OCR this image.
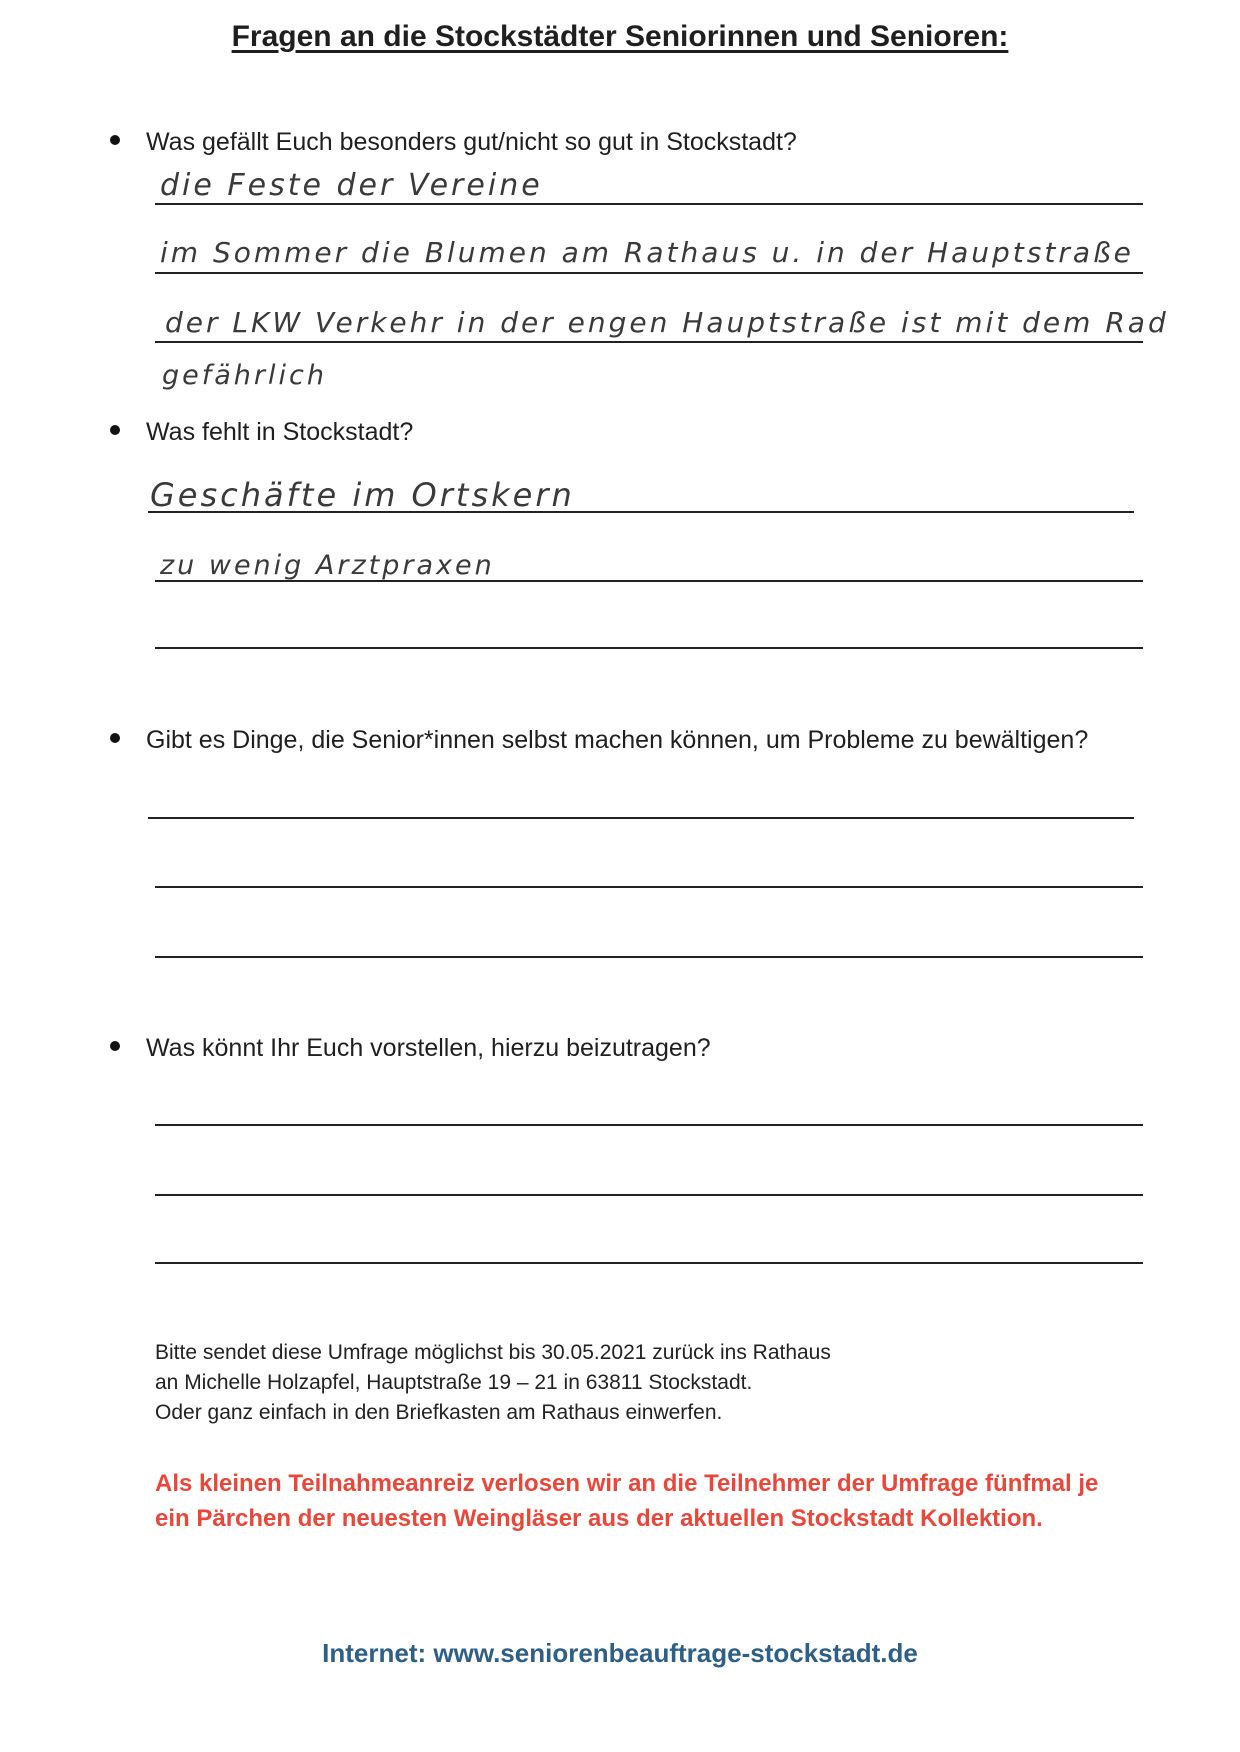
Fragen an die Stockstädter Seniorinnen und Senioren:
Was gefällt Euch besonders gut/nicht so gut in Stockstadt?
die Feste der Vereine
im Sommer die Blumen am Rathaus u. in der Hauptstraße
der LKW Verkehr in der engen Hauptstraße ist mit dem Rad
gefährlich
Was fehlt in Stockstadt?
Geschäfte im Ortskern
zu wenig Arztpraxen
Gibt es Dinge, die Senior*innen selbst machen können, um Probleme zu bewältigen?
Was könnt Ihr Euch vorstellen, hierzu beizutragen?
Bitte sendet diese Umfrage möglichst bis 30.05.2021 zurück ins Rathaus
an Michelle Holzapfel, Hauptstraße 19 – 21 in 63811 Stockstadt.
Oder ganz einfach in den Briefkasten am Rathaus einwerfen.
Als kleinen Teilnahmeanreiz verlosen wir an die Teilnehmer der Umfrage fünfmal je
ein Pärchen der neuesten Weingläser aus der aktuellen Stockstadt Kollektion.
Internet: www.seniorenbeauftrage-stockstadt.de
